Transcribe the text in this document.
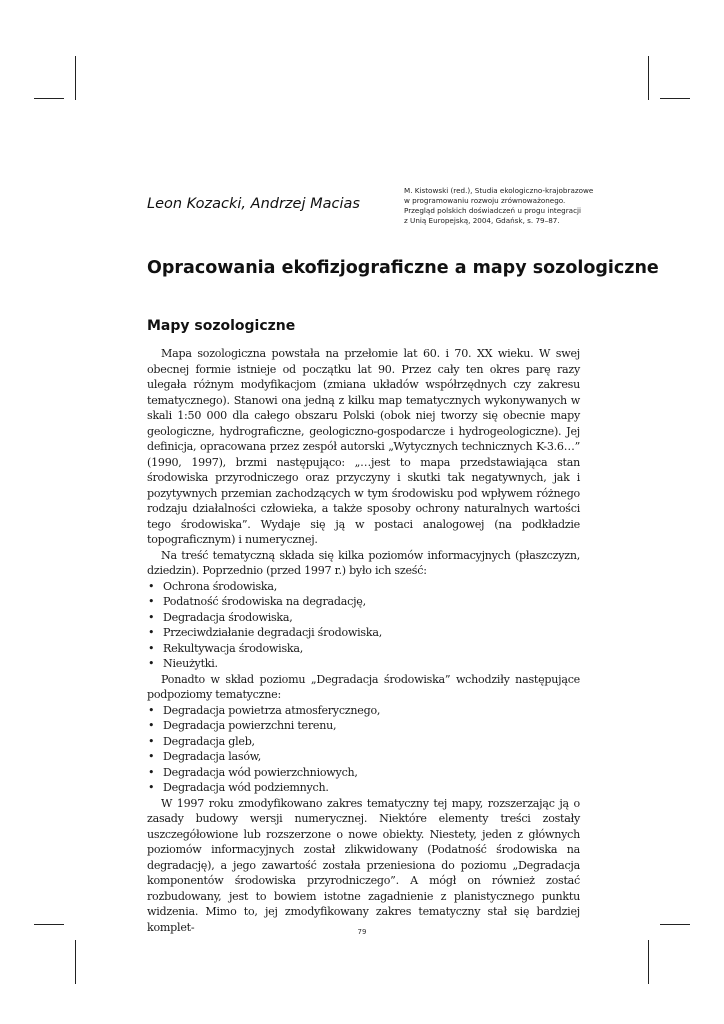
Leon Kozacki, Andrzej Macias
M. Kistowski (red.), Studia ekologiczno-krajobrazowe
w programowaniu rozwoju zrównoważonego.
Przegląd polskich doświadczeń u progu integracji
z Unią Europejską, 2004, Gdańsk, s. 79–87.
Opracowania ekofizjograficzne a mapy sozologiczne
Mapy sozologiczne

Mapa sozologiczna powstała na przełomie lat 60. i 70. XX wieku. W swej obecnej formie istnieje od początku lat 90. Przez cały ten okres parę razy ulegała różnym modyfikacjom (zmiana układów współrzędnych czy zakresu tematycznego). Stanowi ona jedną z kilku map tematycznych wykonywanych w skali 1:50 000 dla całego obszaru Polski (obok niej tworzy się obecnie mapy geologiczne, hydrograficzne, geologiczno-gospodarcze i hydrogeologiczne). Jej definicja, opracowana przez zespół autorski „Wytycznych technicznych K-3.6…” (1990, 1997), brzmi następująco: „…jest to mapa przedstawiająca stan środowiska przyrodniczego oraz przyczyny i skutki tak negatywnych, jak i pozytywnych przemian zachodzących w tym środowisku pod wpływem różnego rodzaju działalności człowieka, a także sposoby ochrony naturalnych wartości tego środowiska”. Wydaje się ją w postaci analogowej (na podkładzie topograficznym) i numerycznej.

Na treść tematyczną składa się kilka poziomów informacyjnych (płaszczyzn, dziedzin). Poprzednio (przed 1997 r.) było ich sześć:

• Ochrona środowiska,
• Podatność środowiska na degradację,
• Degradacja środowiska,
• Przeciwdziałanie degradacji środowiska,
• Rekultywacja środowiska,
• Nieużytki.

Ponadto w skład poziomu „Degradacja środowiska” wchodziły następujące podpoziomy tematyczne:

• Degradacja powietrza atmosferycznego,
• Degradacja powierzchni terenu,
• Degradacja gleb,
• Degradacja lasów,
• Degradacja wód powierzchniowych,
• Degradacja wód podziemnych.

W 1997 roku zmodyfikowano zakres tematyczny tej mapy, rozszerzając ją o zasady budowy wersji numerycznej. Niektóre elementy treści zostały uszczegółowione lub rozszerzone o nowe obiekty. Niestety, jeden z głównych poziomów informacyjnych został zlikwidowany (Podatność środowiska na degradację), a jego zawartość została przeniesiona do poziomu „Degradacja komponentów środowiska przyrodniczego”. A mógł on również zostać rozbudowany, jest to bowiem istotne zagadnienie z planistycznego punktu widzenia. Mimo to, jej zmodyfikowany zakres tematyczny stał się bardziej komplet-	79
